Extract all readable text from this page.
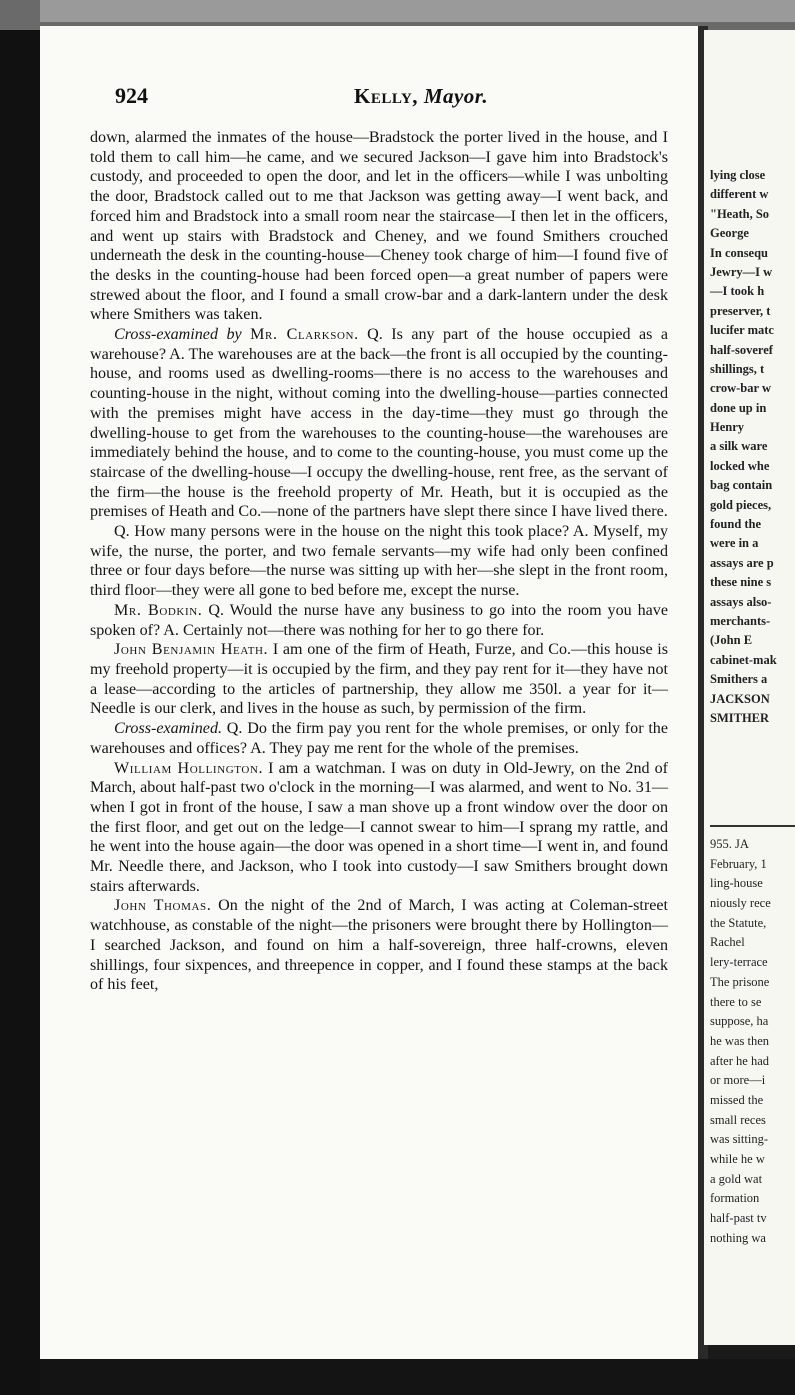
lying close
different w
"Heath, So
George
In consequ
Jewry—I w
—I took h
preserver, t
lucifer matc
half-soveref
shillings, t
crow-bar w
done up in
Henry
a silk ware
locked whe
bag contain
gold pieces,
found the
were in a
assays are p
these nine s
assays also-
merchants-
(John E
cabinet-mak
Smithers a
JACKSON
SMITHER
955. JA
February, 1
ling-house
niously rece
the Statute,
Rachel
lery-terrace
The prisone
there to se
suppose, ha
he was then
after he had
or more—i
missed the
small reces
was sitting-
while he w
a gold wat
formation
half-past tv
nothing wa
924	Kelly, Mayor.

down, alarmed the inmates of the house—Bradstock the porter lived in the house, and I told them to call him—he came, and we secured Jackson—I gave him into Bradstock's custody, and proceeded to open the door, and let in the officers—while I was unbolting the door, Bradstock called out to me that Jackson was getting away—I went back, and forced him and Bradstock into a small room near the staircase—I then let in the officers, and went up stairs with Bradstock and Cheney, and we found Smithers crouched underneath the desk in the counting-house—Cheney took charge of him—I found five of the desks in the counting-house had been forced open—a great number of papers were strewed about the floor, and I found a small crow-bar and a dark-lantern under the desk where Smithers was taken.

Cross-examined by Mr. Clarkson. Q. Is any part of the house occupied as a warehouse? A. The warehouses are at the back—the front is all occupied by the counting-house, and rooms used as dwelling-rooms—there is no access to the warehouses and counting-house in the night, without coming into the dwelling-house—parties connected with the premises might have access in the day-time—they must go through the dwelling-house to get from the warehouses to the counting-house—the warehouses are immediately behind the house, and to come to the counting-house, you must come up the staircase of the dwelling-house—I occupy the dwelling-house, rent free, as the servant of the firm—the house is the freehold property of Mr. Heath, but it is occupied as the premises of Heath and Co.—none of the partners have slept there since I have lived there.

Q. How many persons were in the house on the night this took place? A. Myself, my wife, the nurse, the porter, and two female servants—my wife had only been confined three or four days before—the nurse was sitting up with her—she slept in the front room, third floor—they were all gone to bed before me, except the nurse.

Mr. Bodkin. Q. Would the nurse have any business to go into the room you have spoken of? A. Certainly not—there was nothing for her to go there for.

John Benjamin Heath. I am one of the firm of Heath, Furze, and Co.—this house is my freehold property—it is occupied by the firm, and they pay rent for it—they have not a lease—according to the articles of partnership, they allow me 350l. a year for it—Needle is our clerk, and lives in the house as such, by permission of the firm.

Cross-examined. Q. Do the firm pay you rent for the whole premises, or only for the warehouses and offices? A. They pay me rent for the whole of the premises.

William Hollington. I am a watchman. I was on duty in Old-Jewry, on the 2nd of March, about half-past two o'clock in the morning—I was alarmed, and went to No. 31—when I got in front of the house, I saw a man shove up a front window over the door on the first floor, and get out on the ledge—I cannot swear to him—I sprang my rattle, and he went into the house again—the door was opened in a short time—I went in, and found Mr. Needle there, and Jackson, who I took into custody—I saw Smithers brought down stairs afterwards.

John Thomas. On the night of the 2nd of March, I was acting at Coleman-street watchhouse, as constable of the night—the prisoners were brought there by Hollington—I searched Jackson, and found on him a half-sovereign, three half-crowns, eleven shillings, four sixpences, and threepence in copper, and I found these stamps at the back of his feet,
